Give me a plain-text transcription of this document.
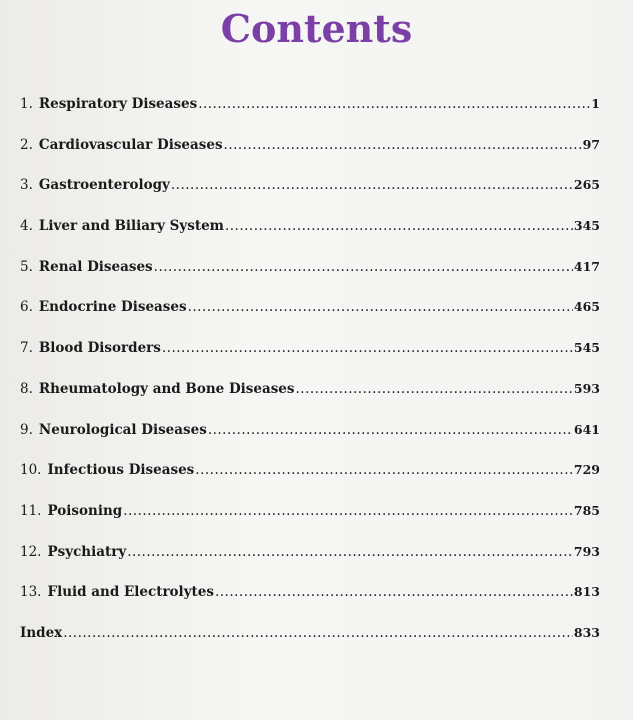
Contents
1. Respiratory Diseases .....	1
2. Cardiovascular Diseases .....	97
3. Gastroenterology .....	265
4. Liver and Biliary System .....	345
5. Renal Diseases .....	417
6. Endocrine Diseases .....	465
7. Blood Disorders .....	545
8. Rheumatology and Bone Diseases .....	593
9. Neurological Diseases .....	641
10. Infectious Diseases .....	729
11. Poisoning .....	785
12. Psychiatry .....	793
13. Fluid and Electrolytes .....	813
Index .....	833
